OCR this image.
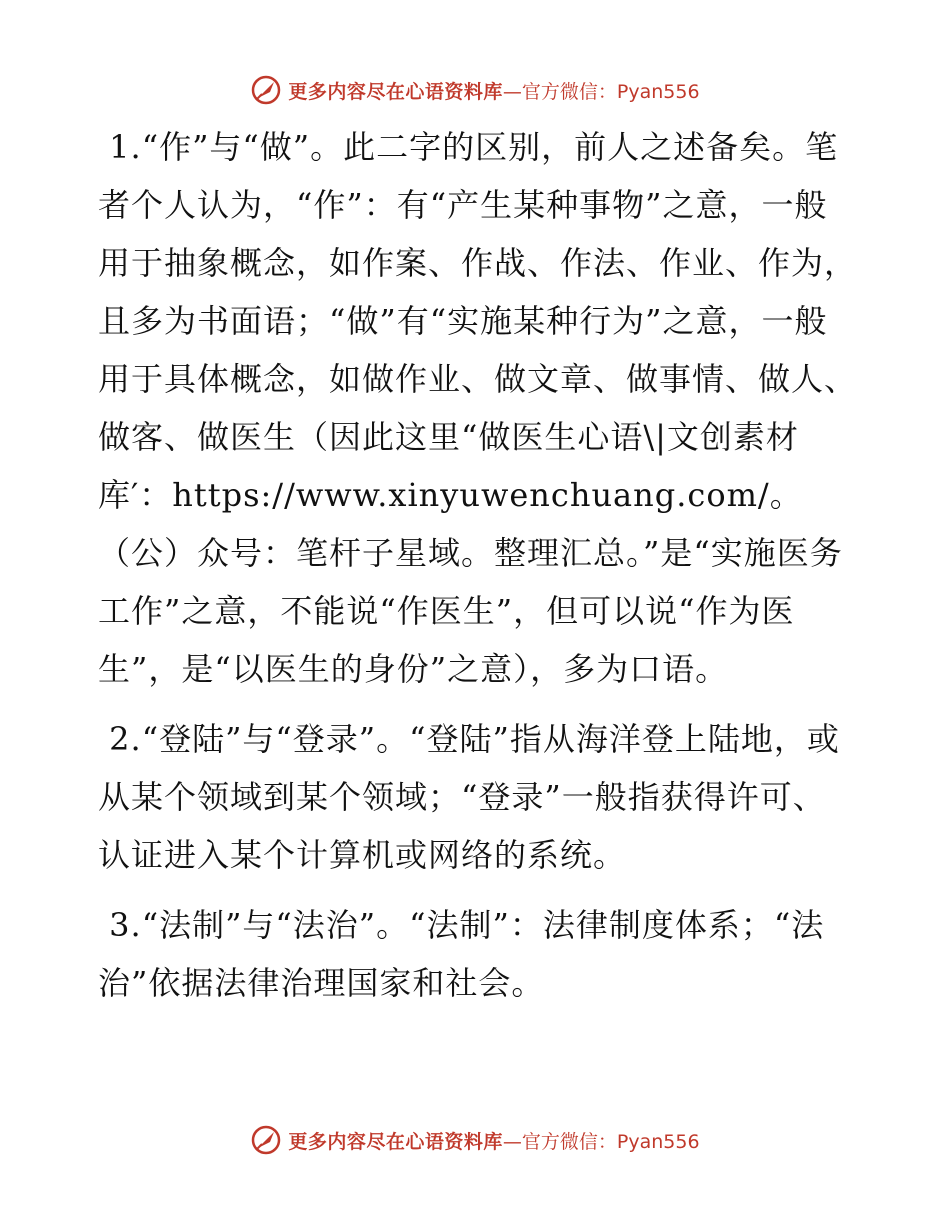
更多内容尽在心语资料库 —官方微信：Pyan556

1.“作”与“做”。此二字的区别，前人之述备矣。笔者个人认为，“作”：有“产生某种事物”之意，一般用于抽象概念，如作案、作战、作法、作业、作为，且多为书面语；“做”有“实施某种行为”之意，一般用于具体概念，如做作业、做文章、做事情、做人、做客、做医生（因此这里“做医生心语\|文创素材库′：https://www.xinyuwenchuang.com/。（公）众号：笔杆子星域。整理汇总。”是“实施医务工作”之意，不能说“作医生”，但可以说“作为医生”，是“以医生的身份”之意），多为口语。

2.“登陆”与“登录”。“登陆”指从海洋登上陆地，或从某个领域到某个领域；“登录”一般指获得许可、认证进入某个计算机或网络的系统。

3.“法制”与“法治”。“法制”：法律制度体系；“法治”依据法律治理国家和社会。

更多内容尽在心语资料库 —官方微信：Pyan556
